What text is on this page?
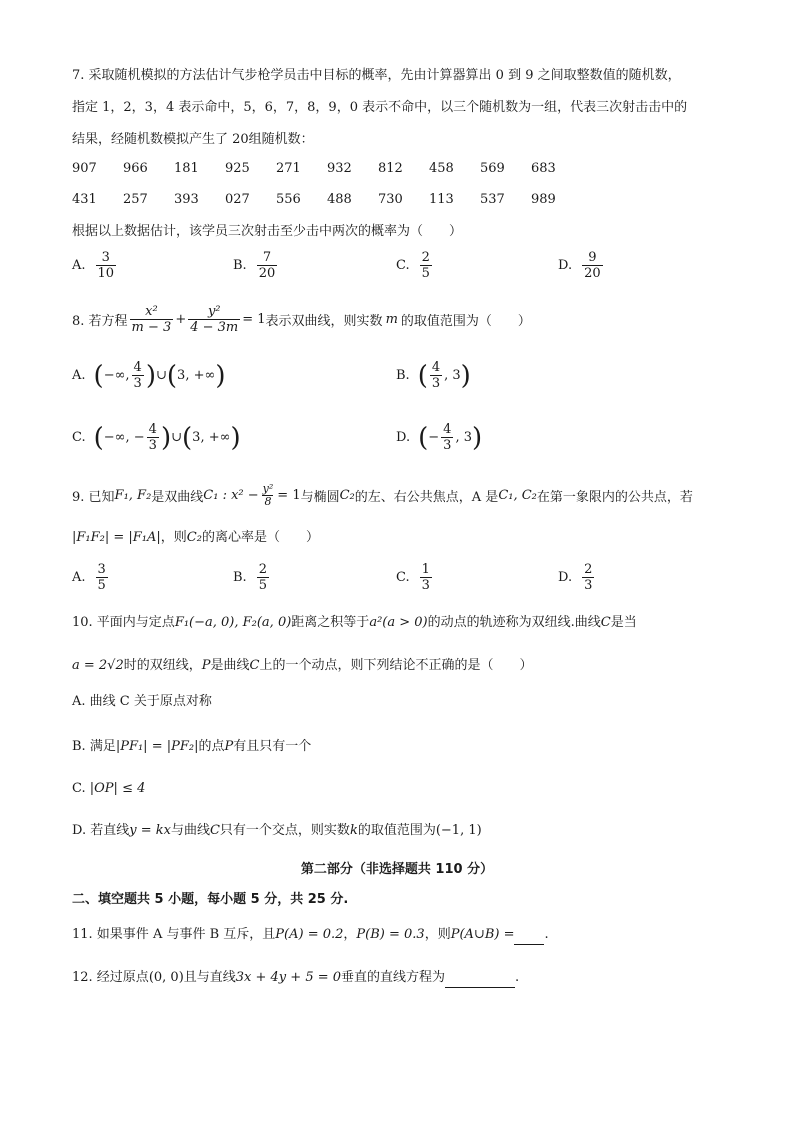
7. 采取随机模拟的方法估计气步枪学员击中目标的概率，先由计算器算出 0 到 9 之间取整数值的随机数，
指定 1，2，3，4 表示命中，5，6，7，8，9，0 表示不命中，以三个随机数为一组，代表三次射击击中的
结果，经随机数模拟产生了 20组随机数：
907	966	181	925	271	932	812	458	569	683
431	257	393	027	556	488	730	113	537	989
根据以上数据估计，该学员三次射击至少击中两次的概率为（　　）
A. $\frac{3}{10}$	B. $\frac{7}{20}$	C. $\frac{2}{5}$	D. $\frac{9}{20}$
8. 若方程 $\frac{\text{x²}}{m - 3} + \frac{\text{y²}}{4 - 3m} = 1$ 表示双曲线，则实数 m 的取值范围为（　　）
A. ( −∞, $\frac{4}{3}$ ) ∪ ( 3, +∞ )	B. ( $\frac{4}{3}$ , 3 )
C. ( −∞, − $\frac{4}{3}$ ) ∪ ( 3, +∞ )	D. ( − $\frac{4}{3}$ , 3 )
9. 已知 F₁, F₂ 是双曲线 C₁ : $x^2 - \frac{\text{y²}}{8} = 1$ 与椭圆 C₂ 的左、右公共焦点，A 是 C₁, C₂ 在第一象限内的公共点，若
|F₁F₂| = |F₁A|，则C₂的离心率是（　　）
A. $\frac{3}{5}$	B. $\frac{2}{5}$	C. $\frac{1}{3}$	D. $\frac{2}{3}$
10. 平面内与定点F₁(−a, 0), F₂(a, 0)距离之积等于a²(a > 0)的动点的轨迹称为双纽线.曲线C是当
a = 2√2时的双纽线，P是曲线C上的一个动点，则下列结论不正确的是（　　）
A. 曲线 C 关于原点对称
B. 满足|PF₁| = |PF₂|的点P有且只有一个
C. |OP| ≤ 4
D. 若直线y = kx与曲线C只有一个交点，则实数k的取值范围为(−1, 1)
第二部分（非选择题共 110 分）
二、填空题共 5 小题，每小题 5 分，共 25 分.
11. 如果事件 A 与事件 B 互斥，且P(A) = 0.2，P(B) = 0.3，则P(A∪B) = .
12. 经过原点(0, 0)且与直线3x + 4y + 5 = 0垂直的直线方程为	.
